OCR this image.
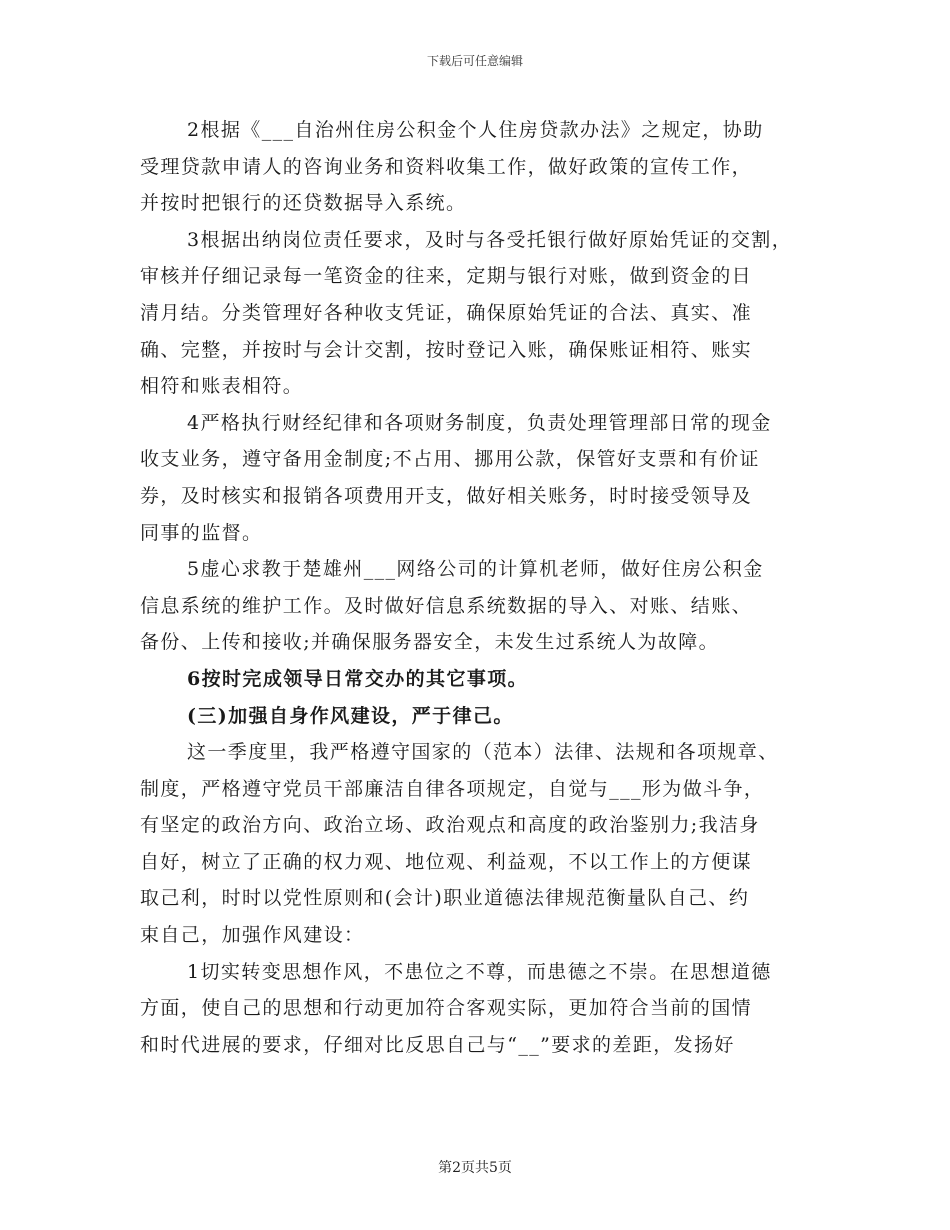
下载后可任意编辑
2根据《___自治州住房公积金个人住房贷款办法》之规定，协助
受理贷款申请人的咨询业务和资料收集工作，做好政策的宣传工作，
并按时把银行的还贷数据导入系统。
3根据出纳岗位责任要求，及时与各受托银行做好原始凭证的交割，
审核并仔细记录每一笔资金的往来，定期与银行对账，做到资金的日
清月结。分类管理好各种收支凭证，确保原始凭证的合法、真实、准
确、完整，并按时与会计交割，按时登记入账，确保账证相符、账实
相符和账表相符。
4严格执行财经纪律和各项财务制度，负责处理管理部日常的现金
收支业务，遵守备用金制度;不占用、挪用公款，保管好支票和有价证
券，及时核实和报销各项费用开支，做好相关账务，时时接受领导及
同事的监督。
5虚心求教于楚雄州___网络公司的计算机老师，做好住房公积金
信息系统的维护工作。及时做好信息系统数据的导入、对账、结账、
备份、上传和接收;并确保服务器安全，未发生过系统人为故障。
6按时完成领导日常交办的其它事项。
(三)加强自身作风建设，严于律己。
这一季度里，我严格遵守国家的（范本）法律、法规和各项规章、
制度，严格遵守党员干部廉洁自律各项规定，自觉与___形为做斗争，
有坚定的政治方向、政治立场、政治观点和高度的政治鉴别力;我洁身
自好，树立了正确的权力观、地位观、利益观，不以工作上的方便谋
取己利，时时以党性原则和(会计)职业道德法律规范衡量队自己、约
束自己，加强作风建设：
1切实转变思想作风，不患位之不尊，而患德之不崇。在思想道德
方面，使自己的思想和行动更加符合客观实际，更加符合当前的国情
和时代进展的要求，仔细对比反思自己与“__”要求的差距，发扬好
第2页共5页
